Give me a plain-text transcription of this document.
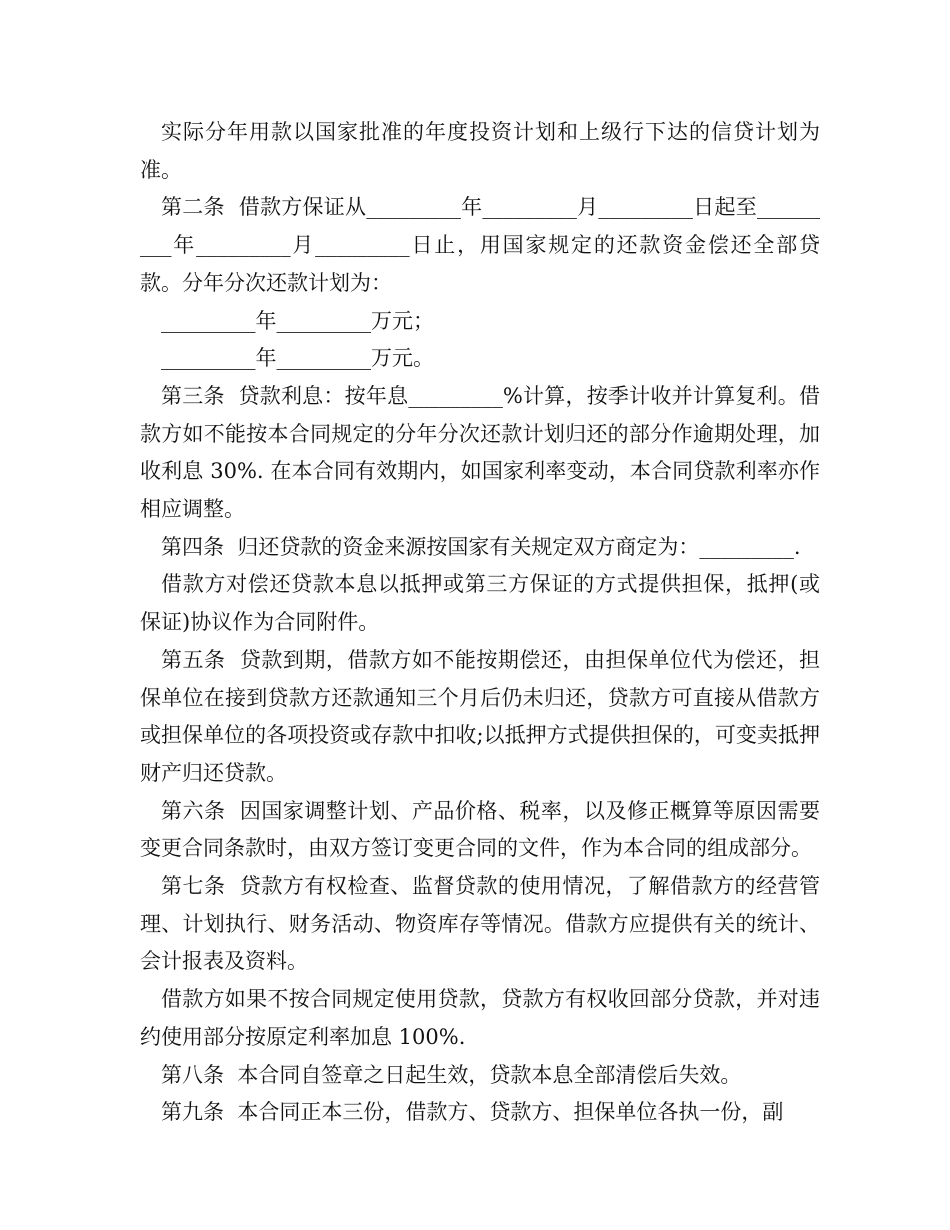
实际分年用款以国家批准的年度投资计划和上级行下达的信贷计划为准。

第二条  借款方保证从_________年_________月_________日起至_________年_________月_________日止，用国家规定的还款资金偿还全部贷款。分年分次还款计划为：

_________年_________万元；

_________年_________万元。

第三条  贷款利息：按年息_________%计算，按季计收并计算复利。借款方如不能按本合同规定的分年分次还款计划归还的部分作逾期处理，加收利息 30%. 在本合同有效期内，如国家利率变动，本合同贷款利率亦作相应调整。

第四条  归还贷款的资金来源按国家有关规定双方商定为：_________.

借款方对偿还贷款本息以抵押或第三方保证的方式提供担保，抵押(或保证)协议作为合同附件。

第五条  贷款到期，借款方如不能按期偿还，由担保单位代为偿还，担保单位在接到贷款方还款通知三个月后仍未归还，贷款方可直接从借款方或担保单位的各项投资或存款中扣收;以抵押方式提供担保的，可变卖抵押财产归还贷款。

第六条  因国家调整计划、产品价格、税率，以及修正概算等原因需要变更合同条款时，由双方签订变更合同的文件，作为本合同的组成部分。

第七条  贷款方有权检查、监督贷款的使用情况，了解借款方的经营管理、计划执行、财务活动、物资库存等情况。借款方应提供有关的统计、会计报表及资料。

借款方如果不按合同规定使用贷款，贷款方有权收回部分贷款，并对违约使用部分按原定利率加息 100%.

第八条  本合同自签章之日起生效，贷款本息全部清偿后失效。

第九条  本合同正本三份，借款方、贷款方、担保单位各执一份，副
